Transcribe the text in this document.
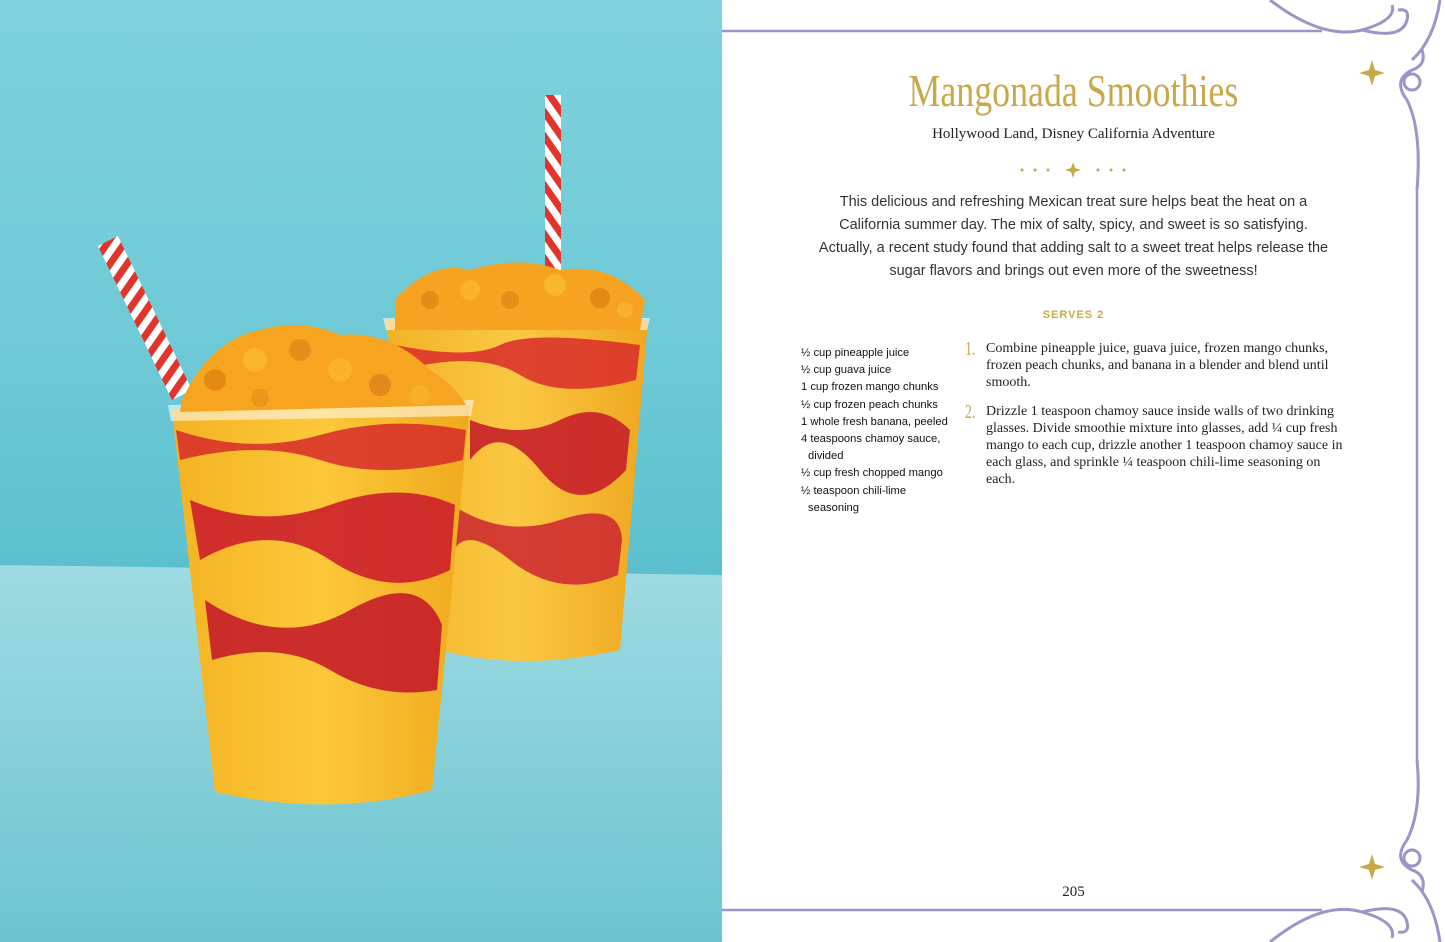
Mangonada Smoothies
Hollywood Land, Disney California Adventure
This delicious and refreshing Mexican treat sure helps beat the heat on a California summer day. The mix of salty, spicy, and sweet is so satisfying. Actually, a recent study found that adding salt to a sweet treat helps release the sugar flavors and brings out even more of the sweetness!
SERVES 2
½ cup pineapple juice
½ cup guava juice
1 cup frozen mango chunks
½ cup frozen peach chunks
1 whole fresh banana, peeled
4 teaspoons chamoy sauce, divided
½ cup fresh chopped mango
½ teaspoon chili-lime seasoning
1. Combine pineapple juice, guava juice, frozen mango chunks, frozen peach chunks, and banana in a blender and blend until smooth.
2. Drizzle 1 teaspoon chamoy sauce inside walls of two drinking glasses. Divide smoothie mixture into glasses, add ¼ cup fresh mango to each cup, drizzle another 1 teaspoon chamoy sauce in each glass, and sprinkle ¼ teaspoon chili-lime seasoning on each.
205
